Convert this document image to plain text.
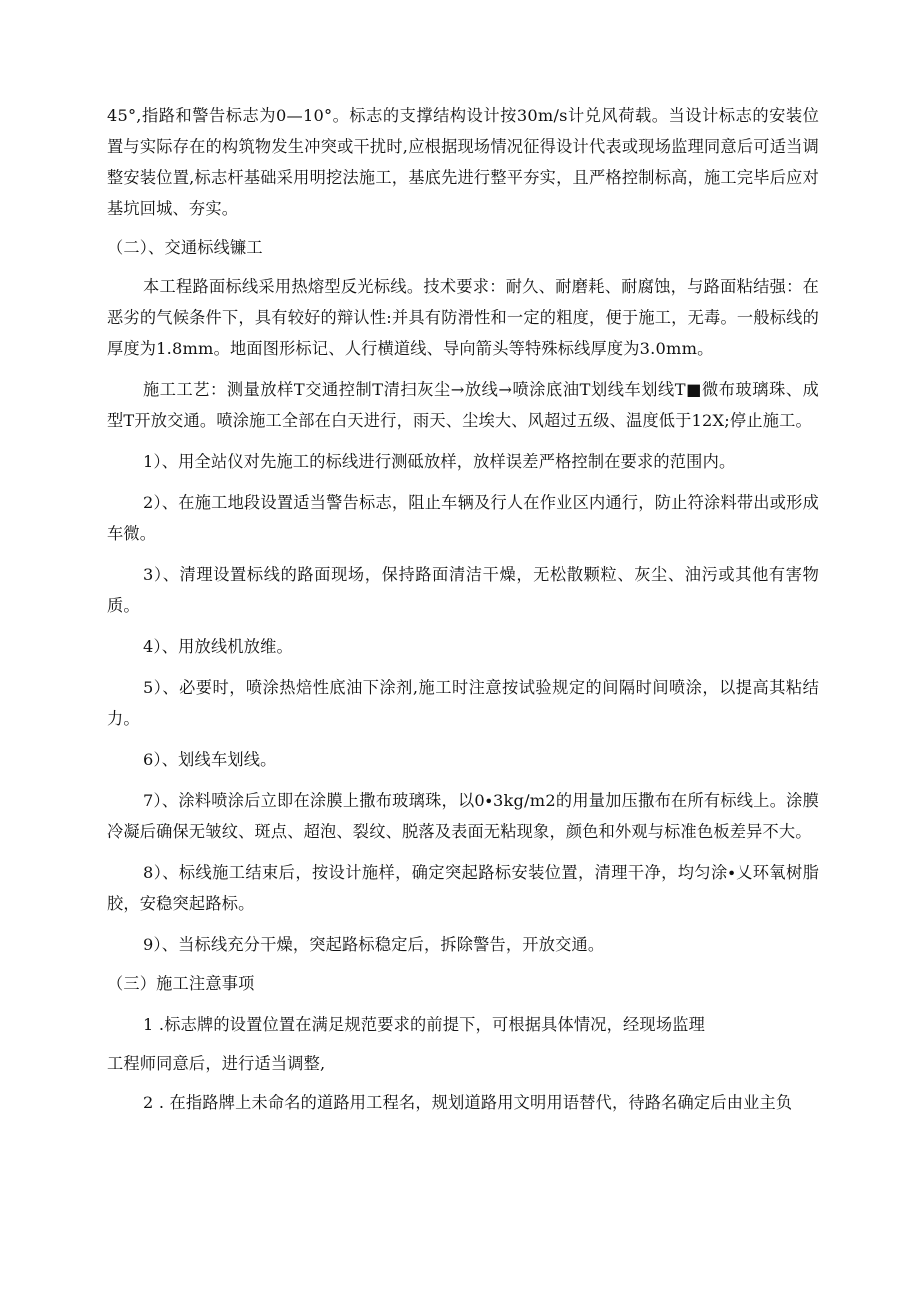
45°,指路和警告标志为0—10°。标志的支撑结构设计按30m∕s计兑风荷载。当设计标志的安装位置与实际存在的构筑物发生冲突或干扰时,应根据现场情况征得设计代表或现场监理同意后可适当调整安装位置,标志杆基础采用明挖法施工，基底先进行整平夯实，且严格控制标高，施工完毕后应对基坑回城、夯实。

（二）、交通标线镰工

本工程路面标线采用热熔型反光标线。技术要求：耐久、耐磨耗、耐腐蚀，与路面粘结强：在恶劣的气候条件下，具有较好的辩认性:并具有防滑性和一定的粗度，便于施工，无毒。一般标线的厚度为1.8mm。地面图形标记、人行横道线、导向箭头等特殊标线厚度为3.0mm。

施工工艺：测量放样T交通控制T清扫灰尘→放线→喷涂底油T划线车划线T■微布玻璃珠、成型T开放交通。喷涂施工全部在白天进行，雨天、尘埃大、风超过五级、温度低于12X;停止施工。

1）、用全站仪对先施工的标线进行测砥放样，放样误差严格控制在要求的范围内。

2）、在施工地段设置适当警告标志，阻止车辆及行人在作业区内通行，防止符涂料带出或形成车微。

3）、清理设置标线的路面现场，保持路面清洁干燥，无松散颗粒、灰尘、油污或其他有害物质。

4）、用放线机放维。

5）、必要时，喷涂热焙性底油下涂剂,施工时注意按试验规定的间隔时间喷涂，以提高其粘结力。

6）、划线车划线。

7）、涂料喷涂后立即在涂膜上撒布玻璃珠，以0∙3kg∕m2的用量加压撒布在所有标线上。涂膜冷凝后确保无皱纹、斑点、超泡、裂纹、脱落及表面无粘现象，颜色和外观与标准色板差异不大。

8）、标线施工结束后，按设计施样，确定突起路标安装位置，清理干净，均匀涂∙乂环氧树脂胶，安稳突起路标。

9）、当标线充分干燥，突起路标稳定后，拆除警告，开放交通。

（三）施工注意事项

1 .标志牌的设置位置在满足规范要求的前提下，可根据具体情况，经现场监理

工程师同意后，进行适当调整,

2 . 在指路牌上未命名的道路用工程名，规划道路用文明用语替代，待路名确定后由业主负
